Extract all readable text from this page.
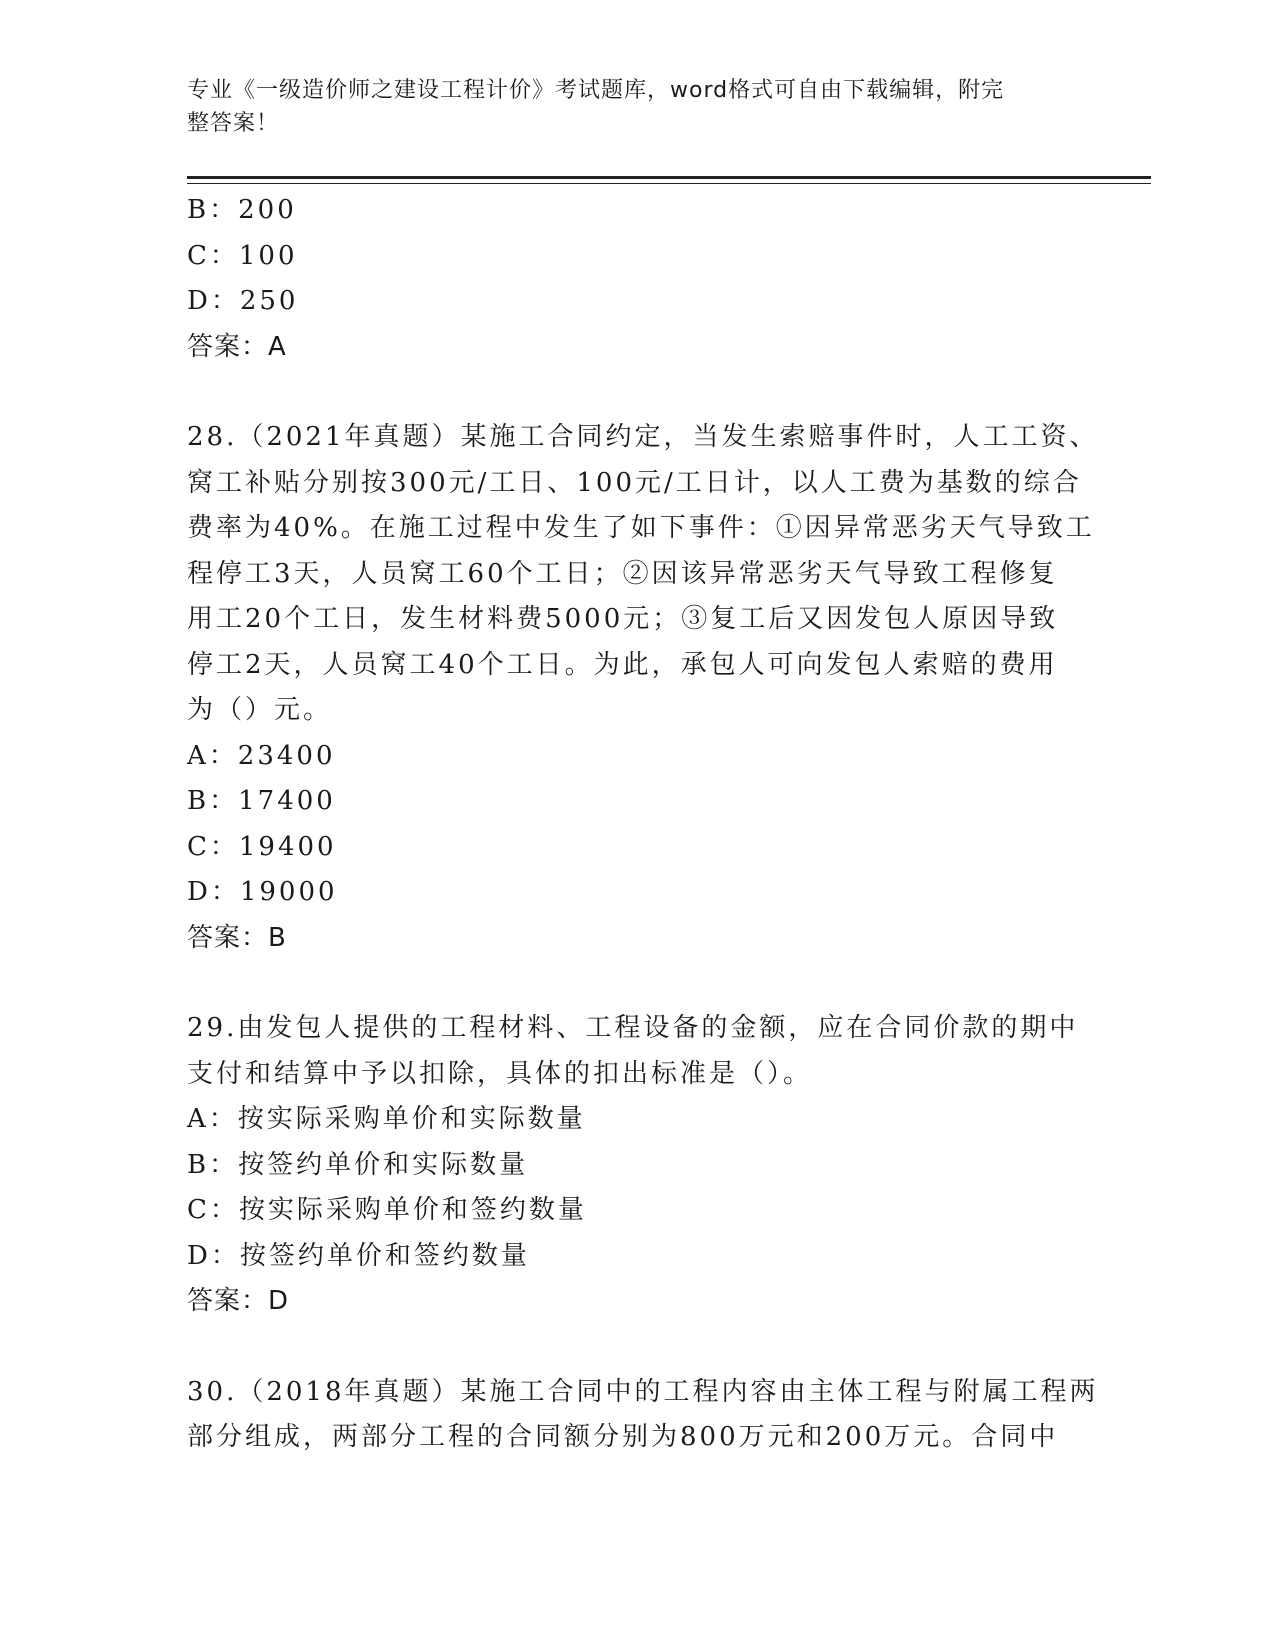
专业《一级造价师之建设工程计价》考试题库，word格式可自由下载编辑，附完
整答案！
B：200
C：100
D：250
答案：A
28.（2021年真题）某施工合同约定，当发生索赔事件时，人工工资、
窝工补贴分别按300元/工日、100元/工日计，以人工费为基数的综合
费率为40%。在施工过程中发生了如下事件：①因异常恶劣天气导致工
程停工3天，人员窝工60个工日；②因该异常恶劣天气导致工程修复
用工20个工日，发生材料费5000元；③复工后又因发包人原因导致
停工2天，人员窝工40个工日。为此，承包人可向发包人索赔的费用
为（）元。
A：23400
B：17400
C：19400
D：19000
答案：B
29.由发包人提供的工程材料、工程设备的金额，应在合同价款的期中
支付和结算中予以扣除，具体的扣出标准是（）。
A：按实际采购单价和实际数量
B：按签约单价和实际数量
C：按实际采购单价和签约数量
D：按签约单价和签约数量
答案：D
30.（2018年真题）某施工合同中的工程内容由主体工程与附属工程两
部分组成，两部分工程的合同额分别为800万元和200万元。合同中
